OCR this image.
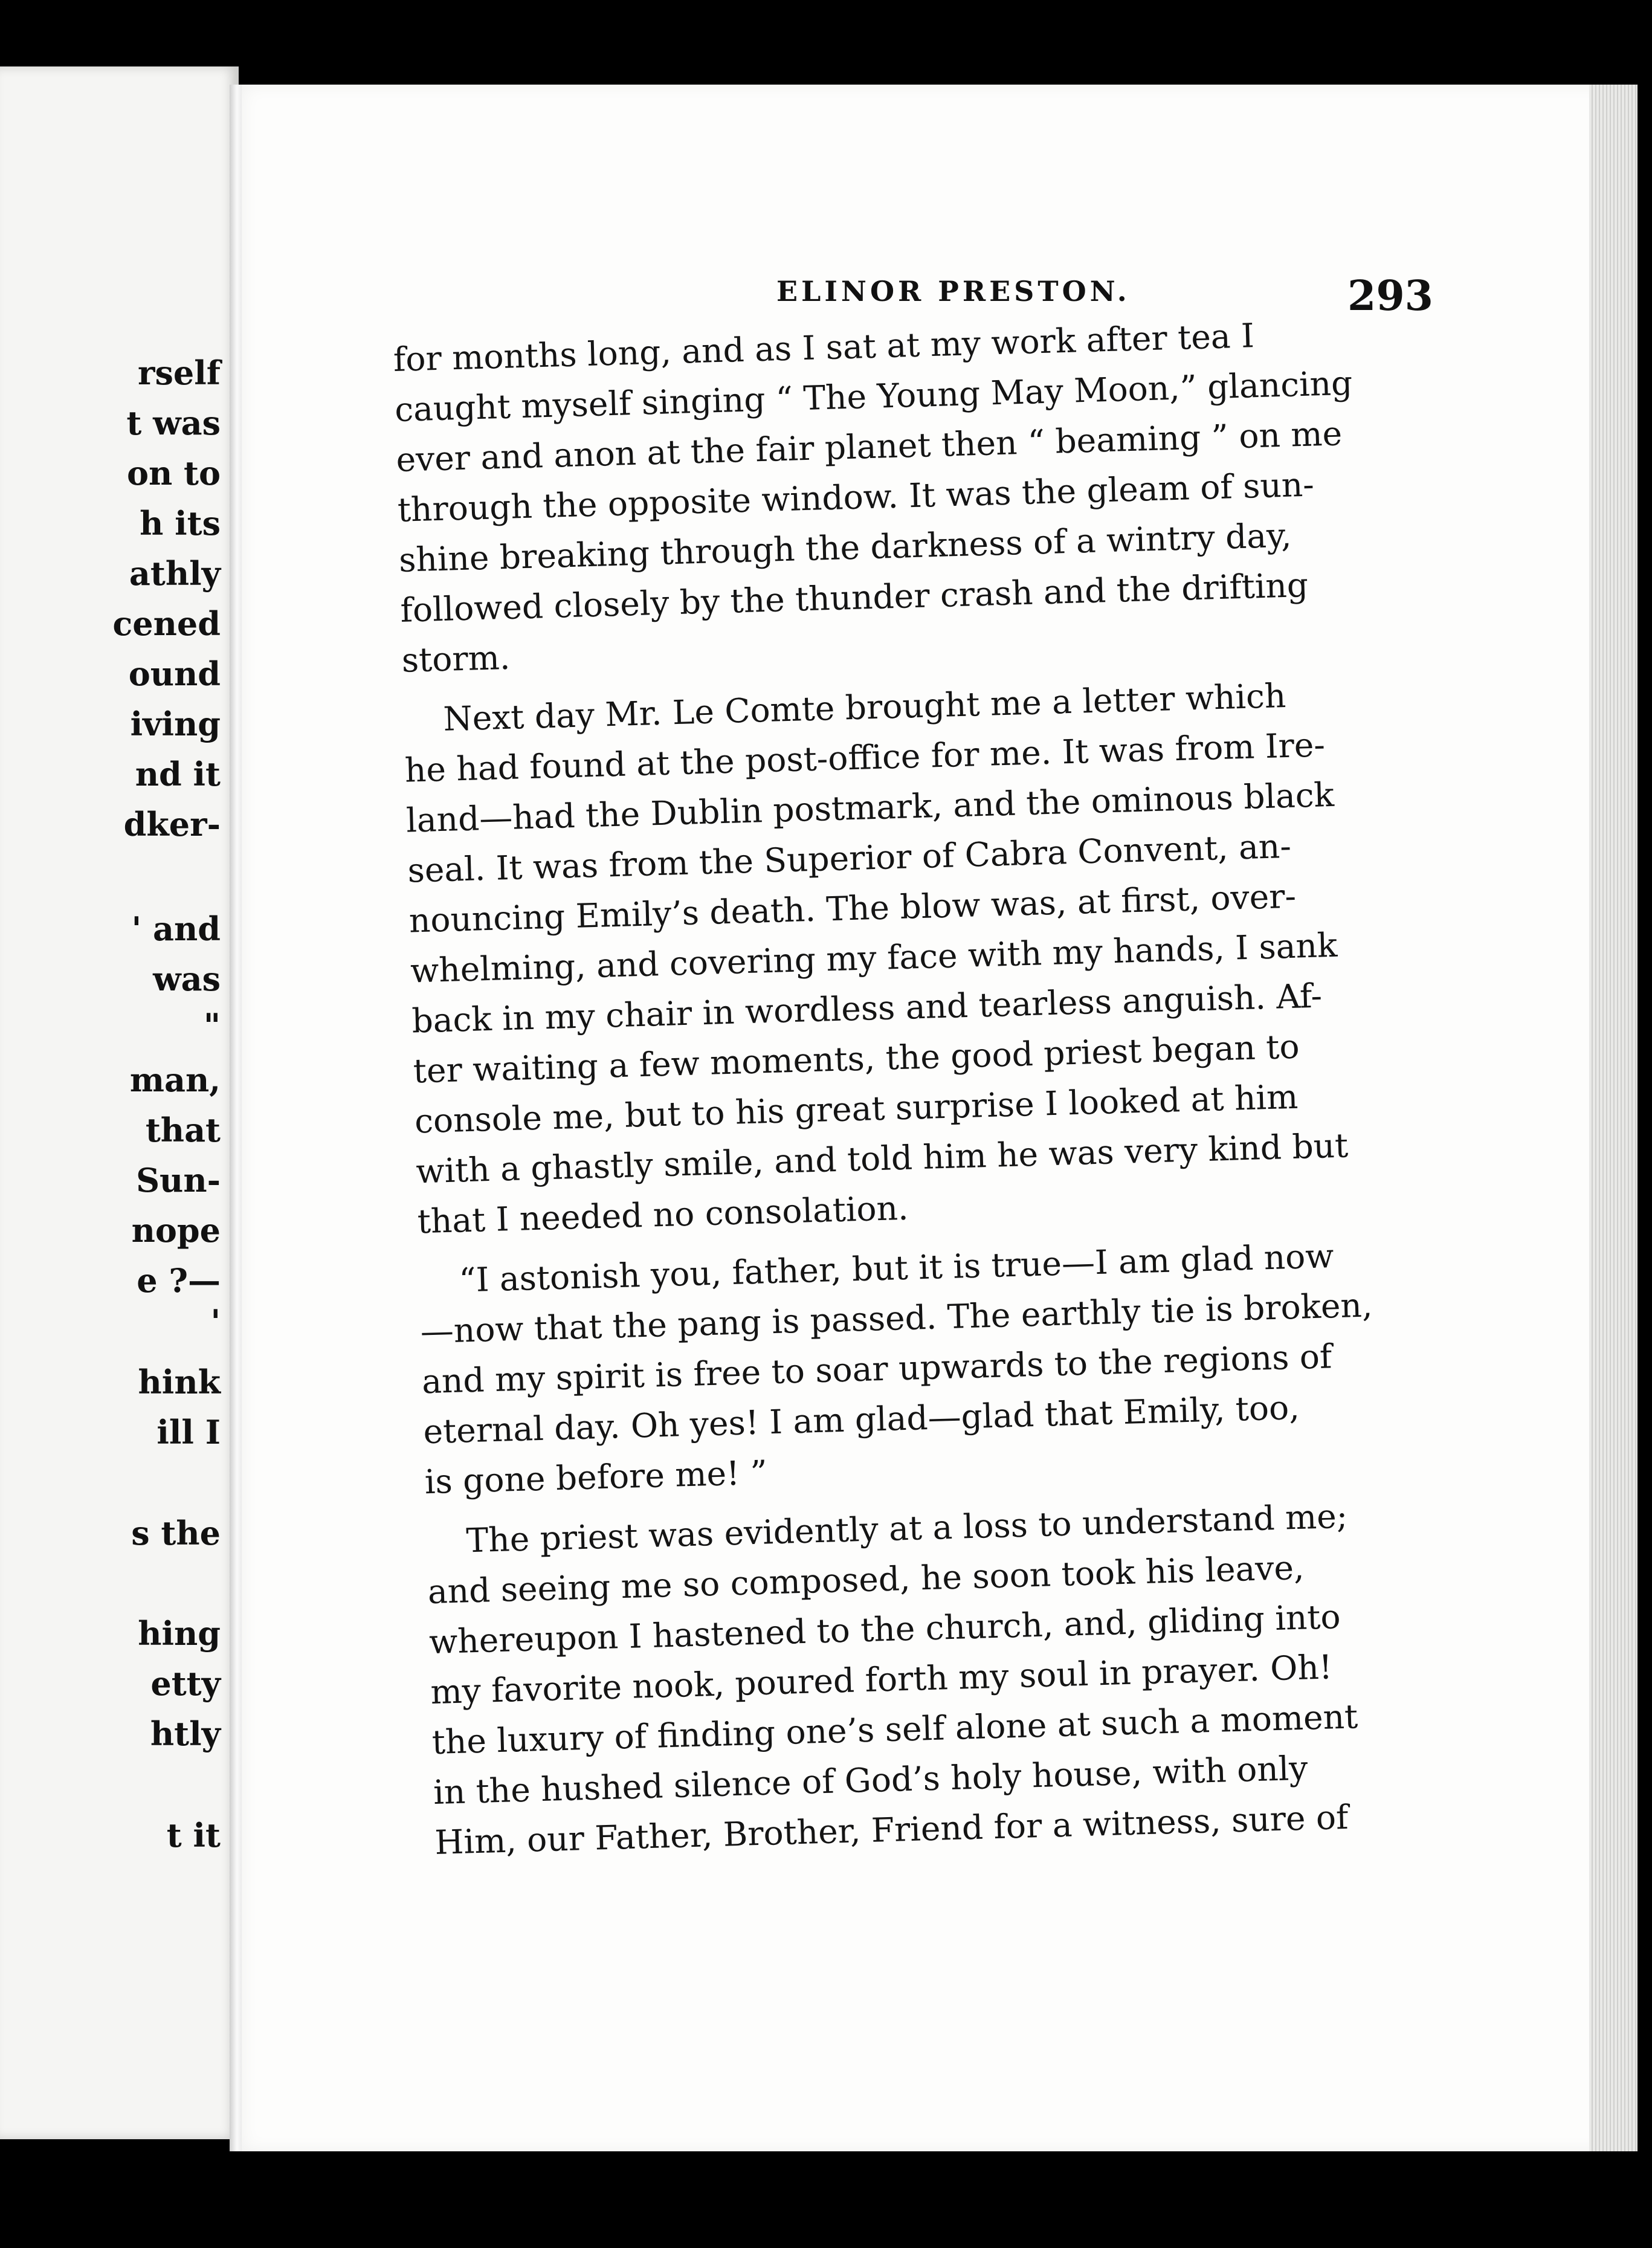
rself
t was
on to
h its
athly
cened
ound
iving
nd it
dker-
' and
was
"
man,
that
Sun-
nope
e ?—
'
hink
ill I
s the
hing
etty
htly
t it
ELINOR PRESTON.	293
for months long, and as I sat at my work after tea I
caught myself singing “ The Young May Moon,” glancing
ever and anon at the fair planet then “ beaming ” on me
through the opposite window. It was the gleam of sun-
shine breaking through the darkness of a wintry day,
followed closely by the thunder crash and the drifting
storm.
Next day Mr. Le Comte brought me a letter which
he had found at the post-office for me. It was from Ire-
land—had the Dublin postmark, and the ominous black
seal. It was from the Superior of Cabra Convent, an-
nouncing Emily’s death. The blow was, at first, over-
whelming, and covering my face with my hands, I sank
back in my chair in wordless and tearless anguish. Af-
ter waiting a few moments, the good priest began to
console me, but to his great surprise I looked at him
with a ghastly smile, and told him he was very kind but
that I needed no consolation.
“I astonish you, father, but it is true—I am glad now
—now that the pang is passed. The earthly tie is broken,
and my spirit is free to soar upwards to the regions of
eternal day. Oh yes! I am glad—glad that Emily, too,
is gone before me! ”
The priest was evidently at a loss to understand me;
and seeing me so composed, he soon took his leave,
whereupon I hastened to the church, and, gliding into
my favorite nook, poured forth my soul in prayer. Oh!
the luxury of finding one’s self alone at such a moment
in the hushed silence of God’s holy house, with only
Him, our Father, Brother, Friend for a witness, sure of
